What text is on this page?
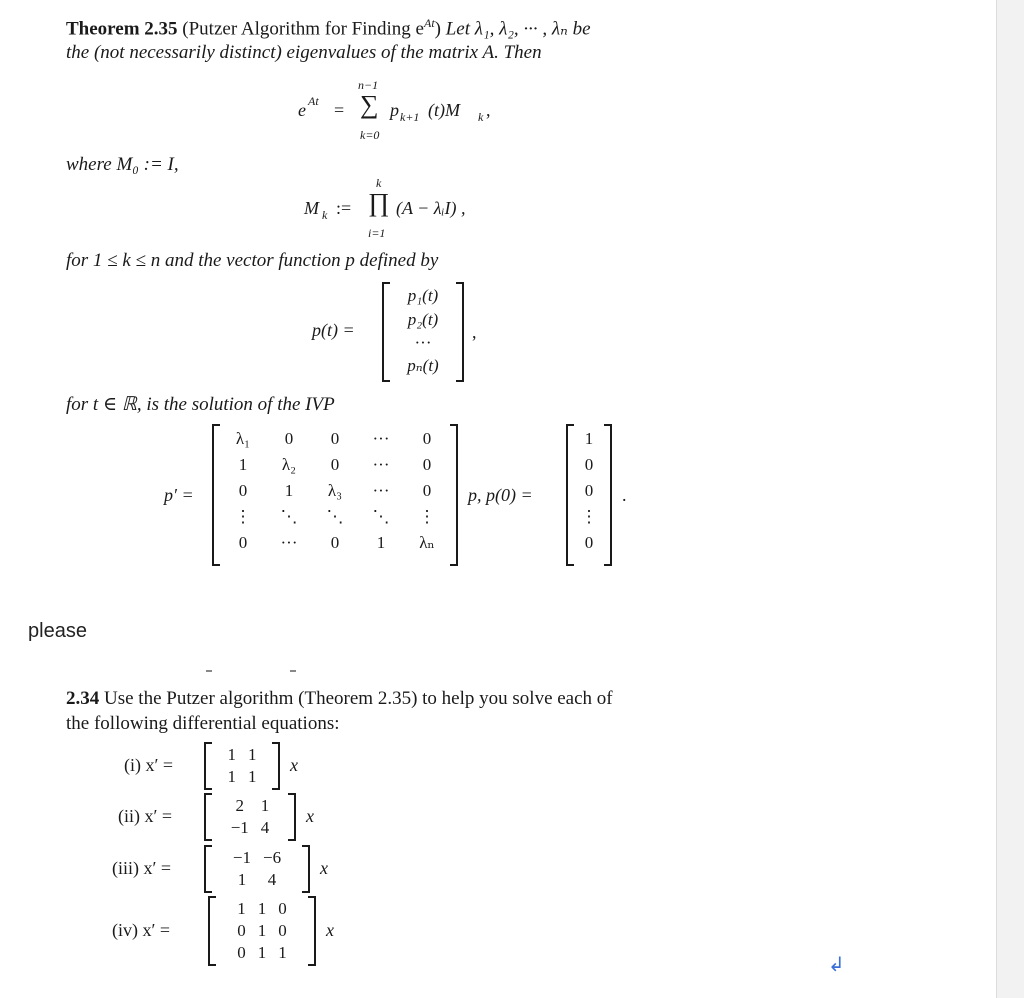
Theorem 2.35 (Putzer Algorithm for Finding $e^{At}$) Let λ₁, λ₂, ··· , λₙ be
the (not necessarily distinct) eigenvalues of the matrix A. Then
e At =
n−1
∑
k=0
p k+1 (t)M k ,
where M₀ := I,
M k :=
k
∏
i=1
(A − λᵢI) ,
for 1 ≤ k ≤ n and the vector function p defined by
p(t) =
p₁(t)
p₂(t)
···
pₙ(t)
,
for t ∈ ℝ, is the solution of the IVP
p′ =
λ₁	0	0	···	0
1	λ₂	0	···	0
0	1	λ₃	···	0
⋮	⋱	⋱	⋱	⋮
0	···	0	1	λₙ
p, p(0) =
1
0
0
⋮
0
.
please
2.34 Use the Putzer algorithm (Theorem 2.35) to help you solve each of
the following differential equations:
(i) x′ =
1	1
1	1
x
(ii) x′ =
2	1
−1	4
x
(iii) x′ =
−1	−6
1	4
x
(iv) x′ =
1	1	0
0	1	0
0	1	1
x
↲
